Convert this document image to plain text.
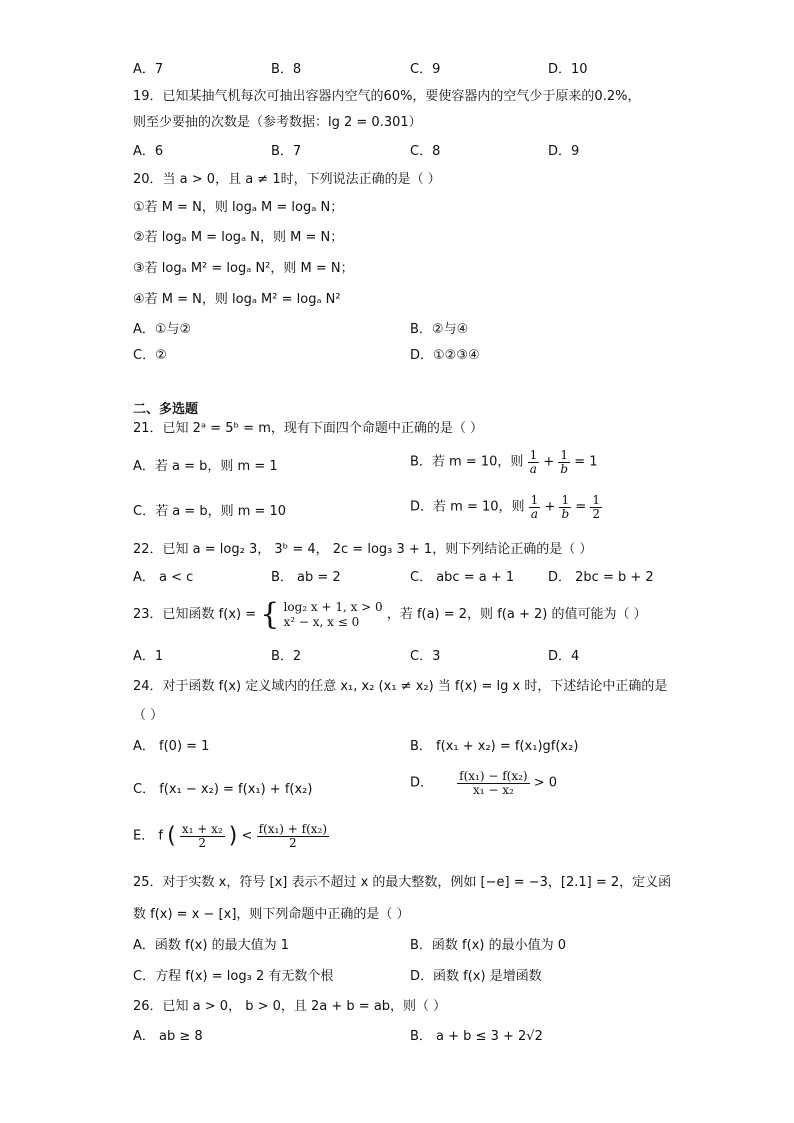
A．7	B．8	C．9	D．10
19．已知某抽气机每次可抽出容器内空气的60%，要使容器内的空气少于原来的0.2%，
则至少要抽的次数是（参考数据：lg 2 = 0.301）
A．6	B．7	C．8	D．9
20．当 a > 0，且 a ≠ 1时，下列说法正确的是（ ）
①若 M = N，则 logₐ M = logₐ N；
②若 logₐ M = logₐ N，则 M = N；
③若 logₐ M² = logₐ N²，则 M = N；
④若 M = N，则 logₐ M² = logₐ N²
A．①与②	B．②与④
C．②	D．①②③④
二、多选题
21．已知 2ᵃ = 5ᵇ = m，现有下面四个命题中正确的是（ ）
A．若 a = b，则 m = 1	B．若 m = 10，则 $\frac{1}{a} + \frac{1}{b} = 1$
C．若 a = b，则 m = 10	D．若 m = 10，则 $\frac{1}{a} + \frac{1}{b} = \frac{1}{2}$
22．已知 a = log₂ 3， 3ᵇ = 4， 2c = log₃ 3 + 1，则下列结论正确的是（ ）
A． a < c	B． ab = 2	C． abc = a + 1	D． 2bc = b + 2
23．已知函数 f(x) = { log₂ x + 1, x > 0
x² − x, x ≤ 0	，若 f(a) = 2，则 f(a + 2) 的值可能为（ ）
A．1	B．2	C．3	D．4
24．对于函数 f(x) 定义域内的任意 x₁, x₂ (x₁ ≠ x₂) 当 f(x) = lg x 时，下述结论中正确的是
（ ）
A． f(0) = 1	B． f(x₁ + x₂) = f(x₁)gf(x₂)
C． f(x₁ − x₂) = f(x₁) + f(x₂)	D． $\frac{\text{f(x₁) − f(x₂)}}{\text{x₁ − x₂}} > 0$
E． f ( $\frac{\text{x₁ + x₂}}{2}$ ) < $\frac{\text{f(x₁) + f(x₂)}}{2}$
25．对于实数 x，符号 [x] 表示不超过 x 的最大整数，例如 [−e] = −3，[2.1] = 2，定义函
数 f(x) = x − [x]，则下列命题中正确的是（ ）
A．函数 f(x) 的最大值为 1	B．函数 f(x) 的最小值为 0
C．方程 f(x) = log₃ 2 有无数个根	D．函数 f(x) 是增函数
26．已知 a > 0， b > 0，且 2a + b = ab，则（ ）
A． ab ≥ 8	B． a + b ≤ 3 + 2√2
